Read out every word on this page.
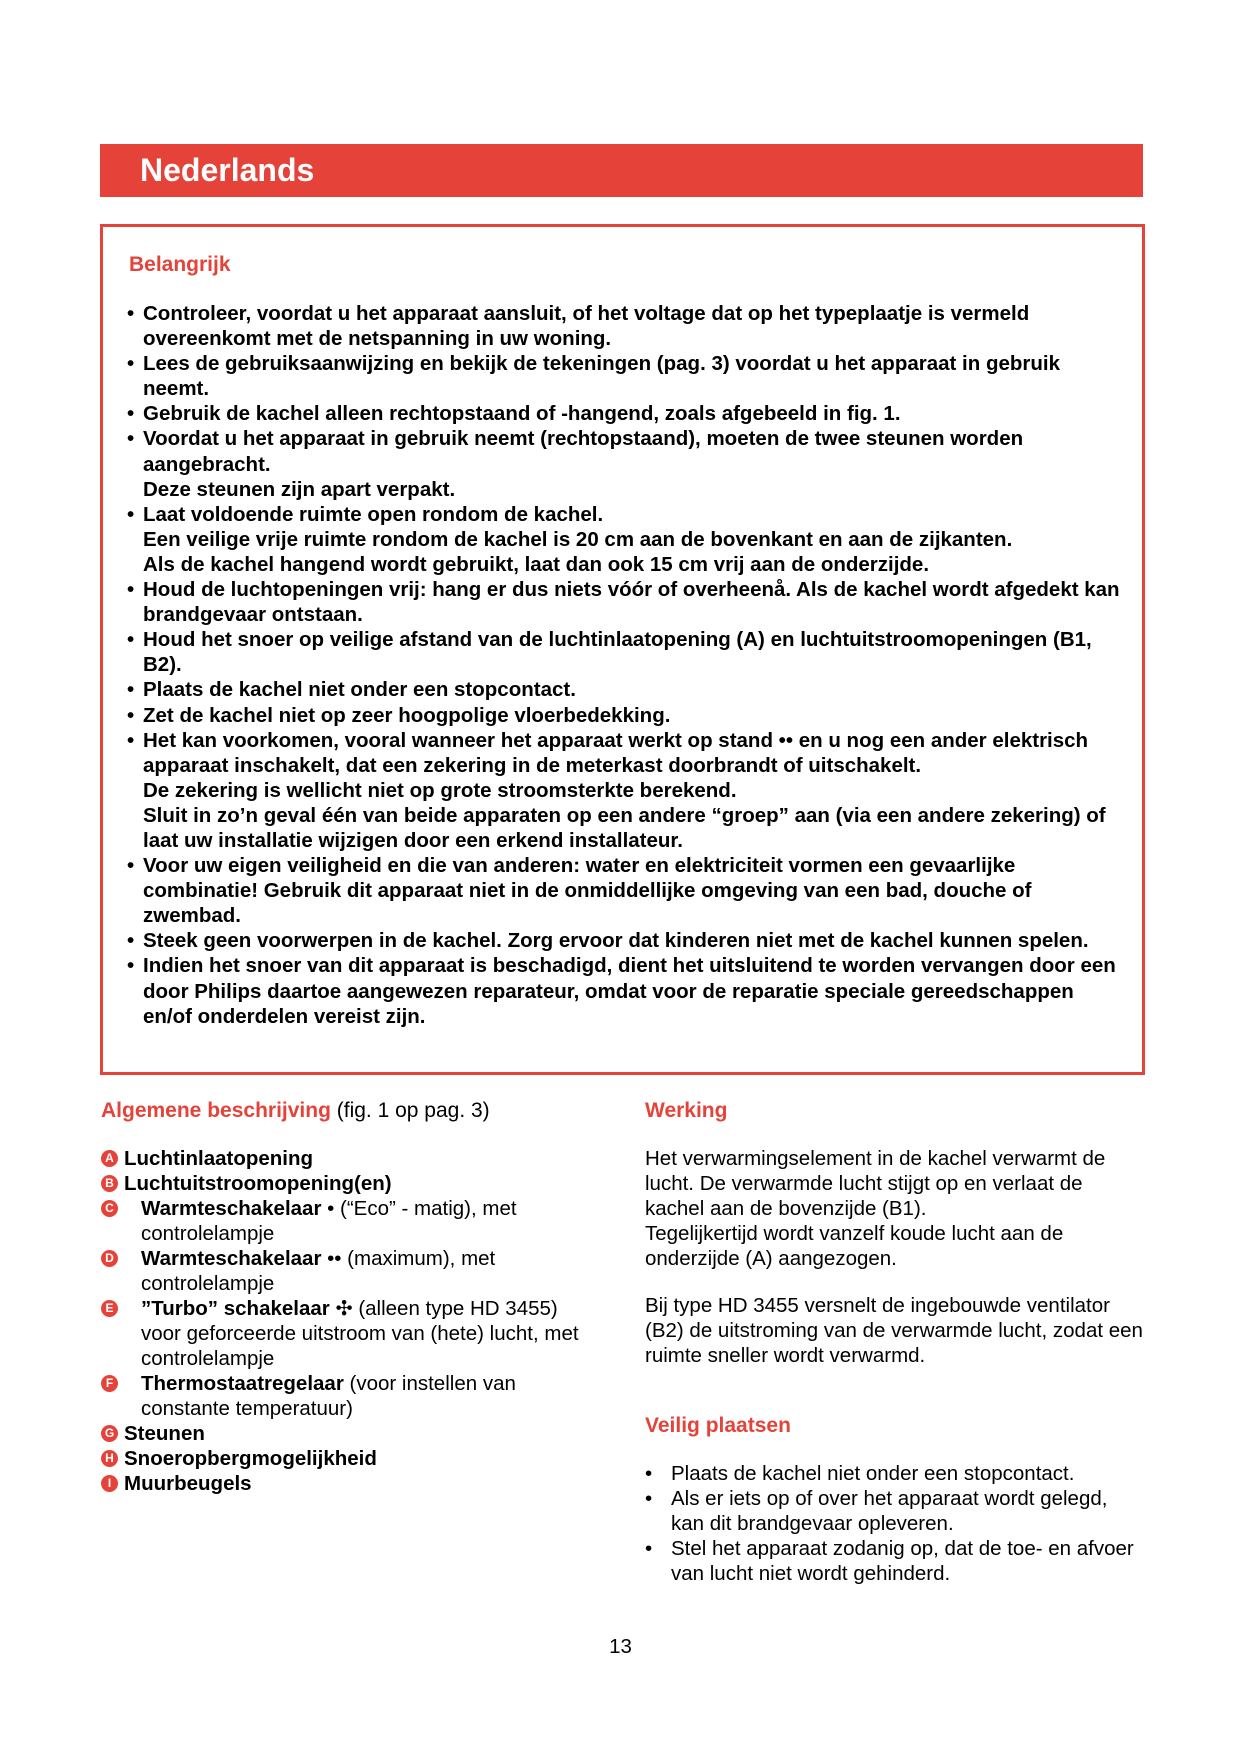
Nederlands
Belangrijk
• Controleer, voordat u het apparaat aansluit, of het voltage dat op het typeplaatje is vermeld overeenkomt met de netspanning in uw woning.
• Lees de gebruiksaanwijzing en bekijk de tekeningen (pag. 3) voordat u het apparaat in gebruik neemt.
• Gebruik de kachel alleen rechtopstaand of -hangend, zoals afgebeeld in fig. 1.
• Voordat u het apparaat in gebruik neemt (rechtopstaand), moeten de twee steunen worden aangebracht.
Deze steunen zijn apart verpakt.
• Laat voldoende ruimte open rondom de kachel.
Een veilige vrije ruimte rondom de kachel is 20 cm aan de bovenkant en aan de zijkanten.
Als de kachel hangend wordt gebruikt, laat dan ook 15 cm vrij aan de onderzijde.
• Houd de luchtopeningen vrij: hang er dus niets vóór of overheenå. Als de kachel wordt afgedekt kan brandgevaar ontstaan.
• Houd het snoer op veilige afstand van de luchtinlaatopening (A) en luchtuitstroomopeningen (B1, B2).
• Plaats de kachel niet onder een stopcontact.
• Zet de kachel niet op zeer hoogpolige vloerbedekking.
• Het kan voorkomen, vooral wanneer het apparaat werkt op stand •• en u nog een ander elektrisch apparaat inschakelt, dat een zekering in de meterkast doorbrandt of uitschakelt.
De zekering is wellicht niet op grote stroomsterkte berekend.
Sluit in zo’n geval één van beide apparaten op een andere “groep” aan (via een andere zekering) of laat uw installatie wijzigen door een erkend installateur.
• Voor uw eigen veiligheid en die van anderen: water en elektriciteit vormen een gevaarlijke combinatie! Gebruik dit apparaat niet in de onmiddellijke omgeving van een bad, douche of zwembad.
• Steek geen voorwerpen in de kachel. Zorg ervoor dat kinderen niet met de kachel kunnen spelen.
• Indien het snoer van dit apparaat is beschadigd, dient het uitsluitend te worden vervangen door een door Philips daartoe aangewezen reparateur, omdat voor de reparatie speciale gereedschappen en/of onderdelen vereist zijn.

Algemene beschrijving (fig. 1 op pag. 3)

A Luchtinlaatopening
B Luchtuitstroomopening(en)
C Warmteschakelaar • (“Eco” - matig), met controlelampje
D Warmteschakelaar •• (maximum), met controlelampje
E ”Turbo” schakelaar ✣ (alleen type HD 3455) voor geforceerde uitstroom van (hete) lucht, met controlelampje
F Thermostaatregelaar (voor instellen van constante temperatuur)
G Steunen
H Snoeropbergmogelijkheid
I Muurbeugels

Werking

Het verwarmingselement in de kachel verwarmt de lucht. De verwarmde lucht stijgt op en verlaat de kachel aan de bovenzijde (B1).
Tegelijkertijd wordt vanzelf koude lucht aan de onderzijde (A) aangezogen.

Bij type HD 3455 versnelt de ingebouwde ventilator (B2) de uitstroming van de verwarmde lucht, zodat een ruimte sneller wordt verwarmd.

Veilig plaatsen

• Plaats de kachel niet onder een stopcontact.
• Als er iets op of over het apparaat wordt gelegd, kan dit brandgevaar opleveren.
• Stel het apparaat zodanig op, dat de toe- en afvoer van lucht niet wordt gehinderd.
13
